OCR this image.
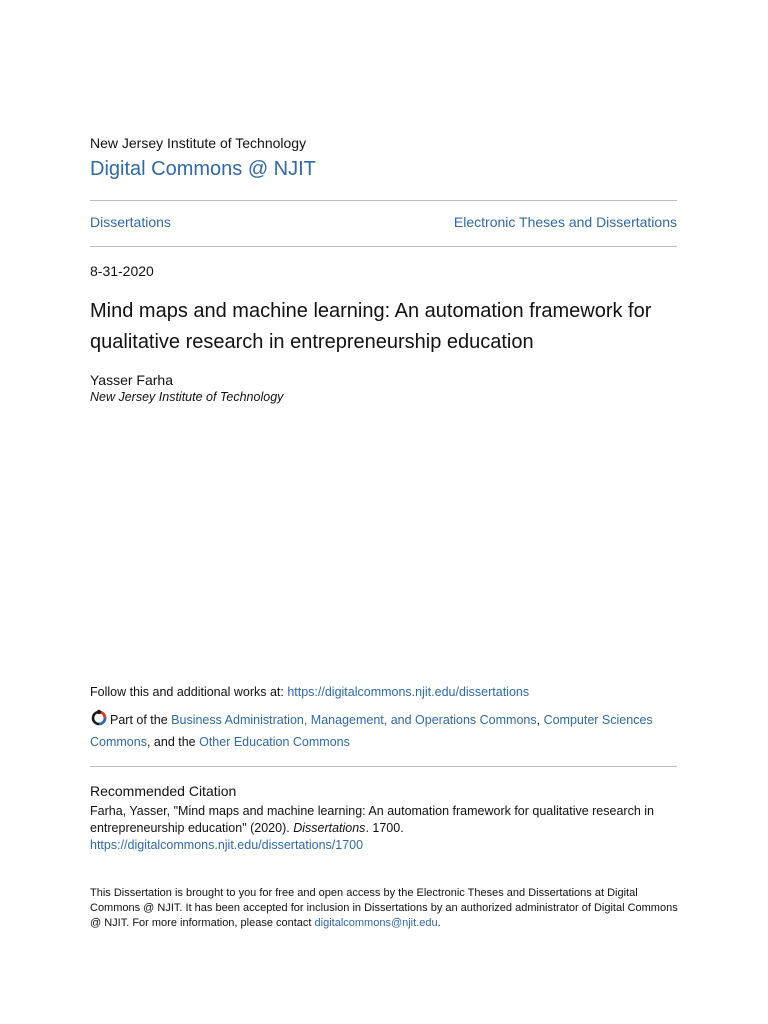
New Jersey Institute of Technology
Digital Commons @ NJIT
Dissertations	Electronic Theses and Dissertations
8-31-2020
Mind maps and machine learning: An automation framework for qualitative research in entrepreneurship education
Yasser Farha
New Jersey Institute of Technology
Follow this and additional works at: https://digitalcommons.njit.edu/dissertations
Part of the Business Administration, Management, and Operations Commons, Computer Sciences Commons, and the Other Education Commons
Recommended Citation
Farha, Yasser, "Mind maps and machine learning: An automation framework for qualitative research in entrepreneurship education" (2020). Dissertations. 1700.
https://digitalcommons.njit.edu/dissertations/1700
This Dissertation is brought to you for free and open access by the Electronic Theses and Dissertations at Digital Commons @ NJIT. It has been accepted for inclusion in Dissertations by an authorized administrator of Digital Commons @ NJIT. For more information, please contact digitalcommons@njit.edu.
